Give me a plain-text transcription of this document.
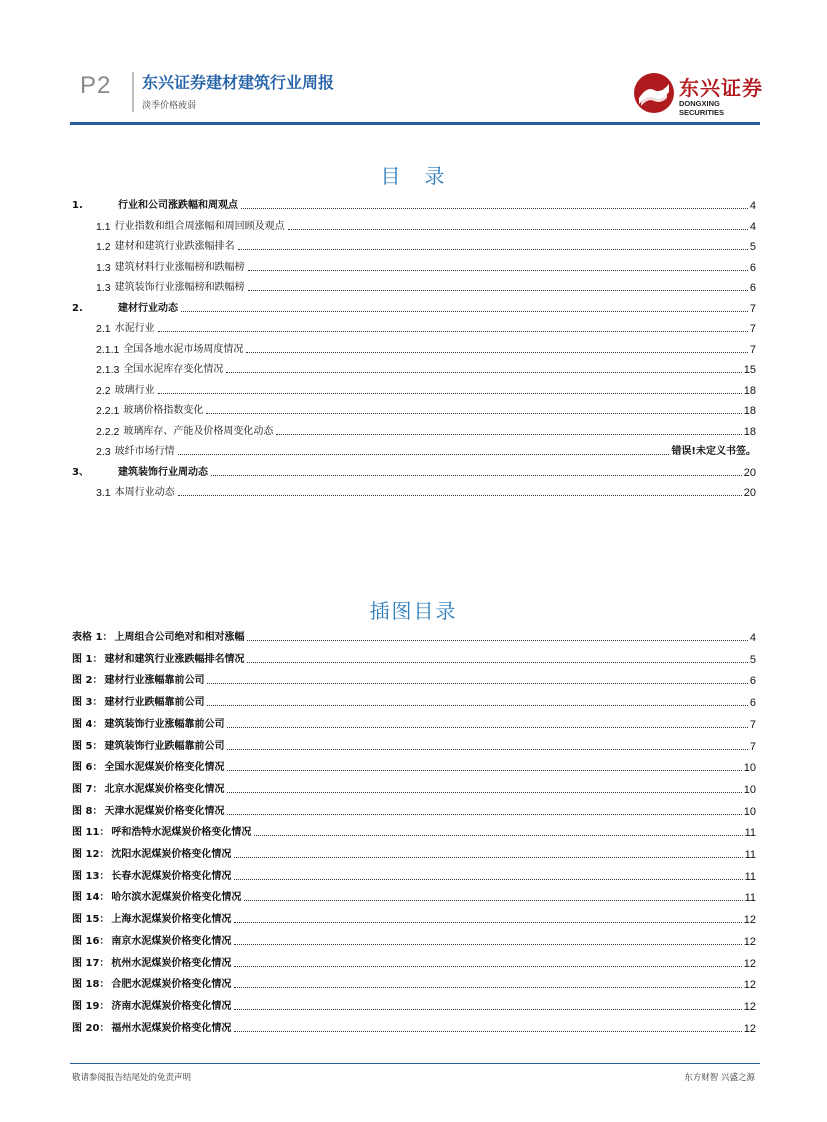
P2 东兴证券建材建筑行业周报
淡季价格疲弱
东兴证券
DONGXING SECURITIES
目　录
1.	行业和公司涨跌幅和周观点	4
1.1 行业指数和组合周涨幅和周回顾及观点	4
1.2 建材和建筑行业跌涨幅排名	5
1.3 建筑材料行业涨幅榜和跌幅榜	6
1.3 建筑装饰行业涨幅榜和跌幅榜	6
2.	建材行业动态	7
2.1 水泥行业	7
2.1.1 全国各地水泥市场周度情况	7
2.1.3 全国水泥库存变化情况	15
2.2 玻璃行业	18
2.2.1 玻璃价格指数变化	18
2.2.2 玻璃库存、产能及价格周变化动态	18
2.3 玻纤市场行情	错误!未定义书签。
3、	建筑装饰行业周动态	20
3.1 本周行业动态	20
插图目录
表格 1： 上周组合公司绝对和相对涨幅	4
图 1： 建材和建筑行业涨跌幅排名情况	5
图 2： 建材行业涨幅靠前公司	6
图 3： 建材行业跌幅靠前公司	6
图 4： 建筑装饰行业涨幅靠前公司	7
图 5： 建筑装饰行业跌幅靠前公司	7
图 6： 全国水泥煤炭价格变化情况	10
图 7： 北京水泥煤炭价格变化情况	10
图 8： 天津水泥煤炭价格变化情况	10
图 11： 呼和浩特水泥煤炭价格变化情况	11
图 12： 沈阳水泥煤炭价格变化情况	11
图 13： 长春水泥煤炭价格变化情况	11
图 14： 哈尔滨水泥煤炭价格变化情况	11
图 15： 上海水泥煤炭价格变化情况	12
图 16： 南京水泥煤炭价格变化情况	12
图 17： 杭州水泥煤炭价格变化情况	12
图 18： 合肥水泥煤炭价格变化情况	12
图 19： 济南水泥煤炭价格变化情况	12
图 20： 福州水泥煤炭价格变化情况	12
敬请参阅报告结尾处的免责声明	东方财智 兴盛之源
